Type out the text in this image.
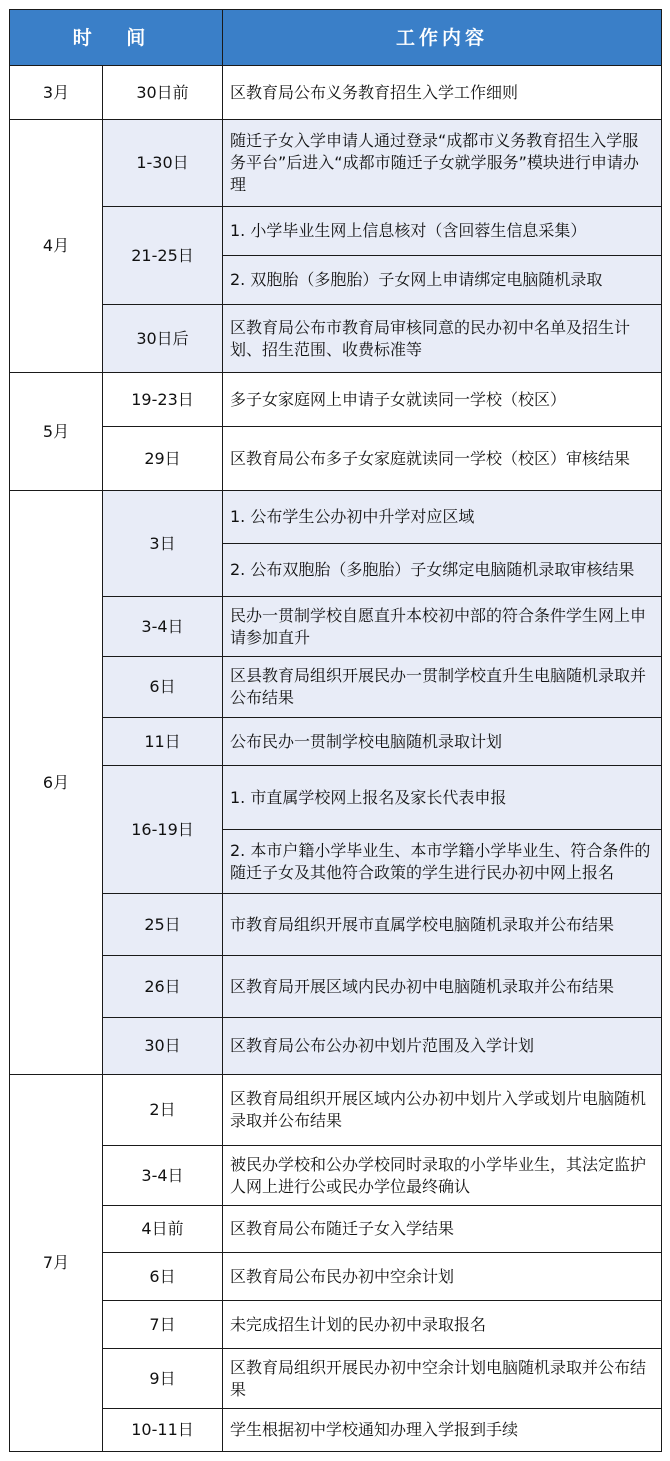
时 间		工作内容
3月	30日前	区教育局公布义务教育招生入学工作细则
4月	1-30日	随迁子女入学申请人通过登录“成都市义务教育招生入学服务平台”后进入“成都市随迁子女就学服务”模块进行申请办理
	21-25日	1. 小学毕业生网上信息核对（含回蓉生信息采集）
		2. 双胞胎（多胞胎）子女网上申请绑定电脑随机录取
	30日后	区教育局公布市教育局审核同意的民办初中名单及招生计划、招生范围、收费标准等
5月	19-23日	多子女家庭网上申请子女就读同一学校（校区）
	29日	区教育局公布多子女家庭就读同一学校（校区）审核结果
6月	3日	1. 公布学生公办初中升学对应区域
		2. 公布双胞胎（多胞胎）子女绑定电脑随机录取审核结果
	3-4日	民办一贯制学校自愿直升本校初中部的符合条件学生网上申请参加直升
	6日	区县教育局组织开展民办一贯制学校直升生电脑随机录取并公布结果
	11日	公布民办一贯制学校电脑随机录取计划
	16-19日	1. 市直属学校网上报名及家长代表申报
		2. 本市户籍小学毕业生、本市学籍小学毕业生、符合条件的随迁子女及其他符合政策的学生进行民办初中网上报名
	25日	市教育局组织开展市直属学校电脑随机录取并公布结果
	26日	区教育局开展区域内民办初中电脑随机录取并公布结果
	30日	区教育局公布公办初中划片范围及入学计划
7月	2日	区教育局组织开展区域内公办初中划片入学或划片电脑随机录取并公布结果
	3-4日	被民办学校和公办学校同时录取的小学毕业生，其法定监护人网上进行公或民办学位最终确认
	4日前	区教育局公布随迁子女入学结果
	6日	区教育局公布民办初中空余计划
	7日	未完成招生计划的民办初中录取报名
	9日	区教育局组织开展民办初中空余计划电脑随机录取并公布结果
	10-11日	学生根据初中学校通知办理入学报到手续
